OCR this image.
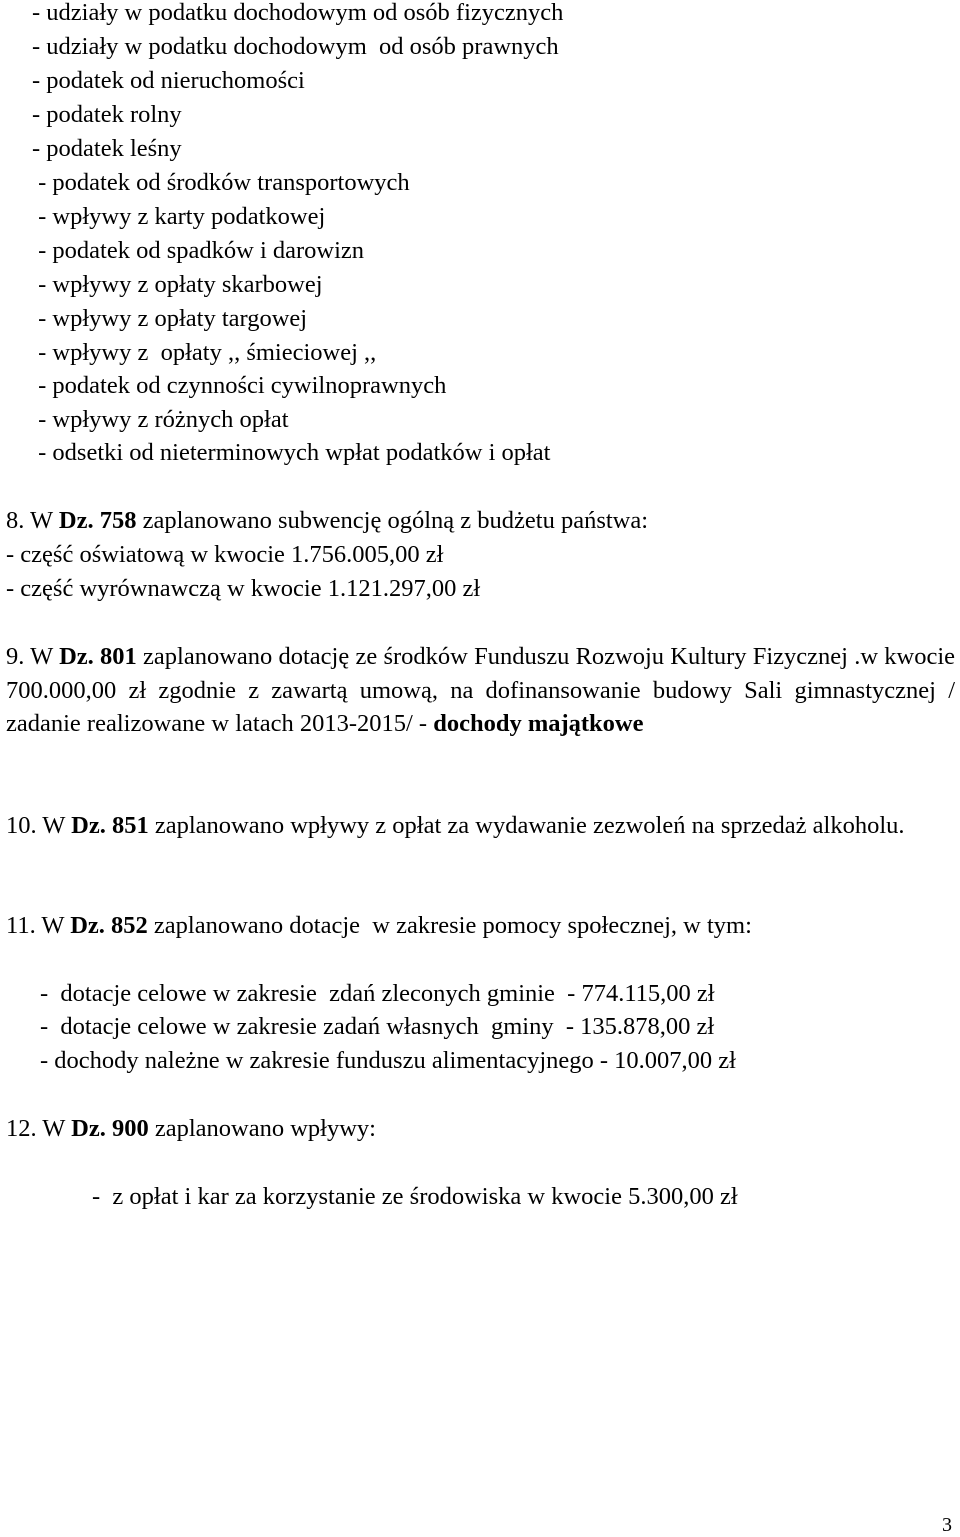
- udziały w podatku dochodowym od osób fizycznych
- udziały w podatku dochodowym  od osób prawnych
- podatek od nieruchomości
- podatek rolny
- podatek leśny
- podatek od środków transportowych
- wpływy z karty podatkowej
- podatek od spadków i darowizn
- wpływy z opłaty skarbowej
- wpływy z opłaty targowej
- wpływy z  opłaty ,, śmieciowej ,,
- podatek od czynności cywilnoprawnych
- wpływy z różnych opłat
- odsetki od nieterminowych wpłat podatków i opłat
8. W Dz. 758 zaplanowano subwencję ogólną z budżetu państwa:
- część oświatową w kwocie 1.756.005,00 zł
- część wyrównawczą w kwocie 1.121.297,00 zł
9. W Dz. 801 zaplanowano dotację ze środków Funduszu Rozwoju Kultury Fizycznej .w kwocie 700.000,00 zł zgodnie z zawartą umową, na dofinansowanie budowy Sali gimnastycznej / zadanie realizowane w latach 2013-2015/ - dochody majątkowe
10. W Dz. 851 zaplanowano wpływy z opłat za wydawanie zezwoleń na sprzedaż alkoholu.
11. W Dz. 852 zaplanowano dotacje  w zakresie pomocy społecznej, w tym:
-  dotacje celowe w zakresie  zdań zleconych gminie  - 774.115,00 zł
-  dotacje celowe w zakresie zadań własnych  gminy  - 135.878,00 zł
- dochody należne w zakresie funduszu alimentacyjnego - 10.007,00 zł
12. W Dz. 900 zaplanowano wpływy:
-  z opłat i kar za korzystanie ze środowiska w kwocie 5.300,00 zł
3
